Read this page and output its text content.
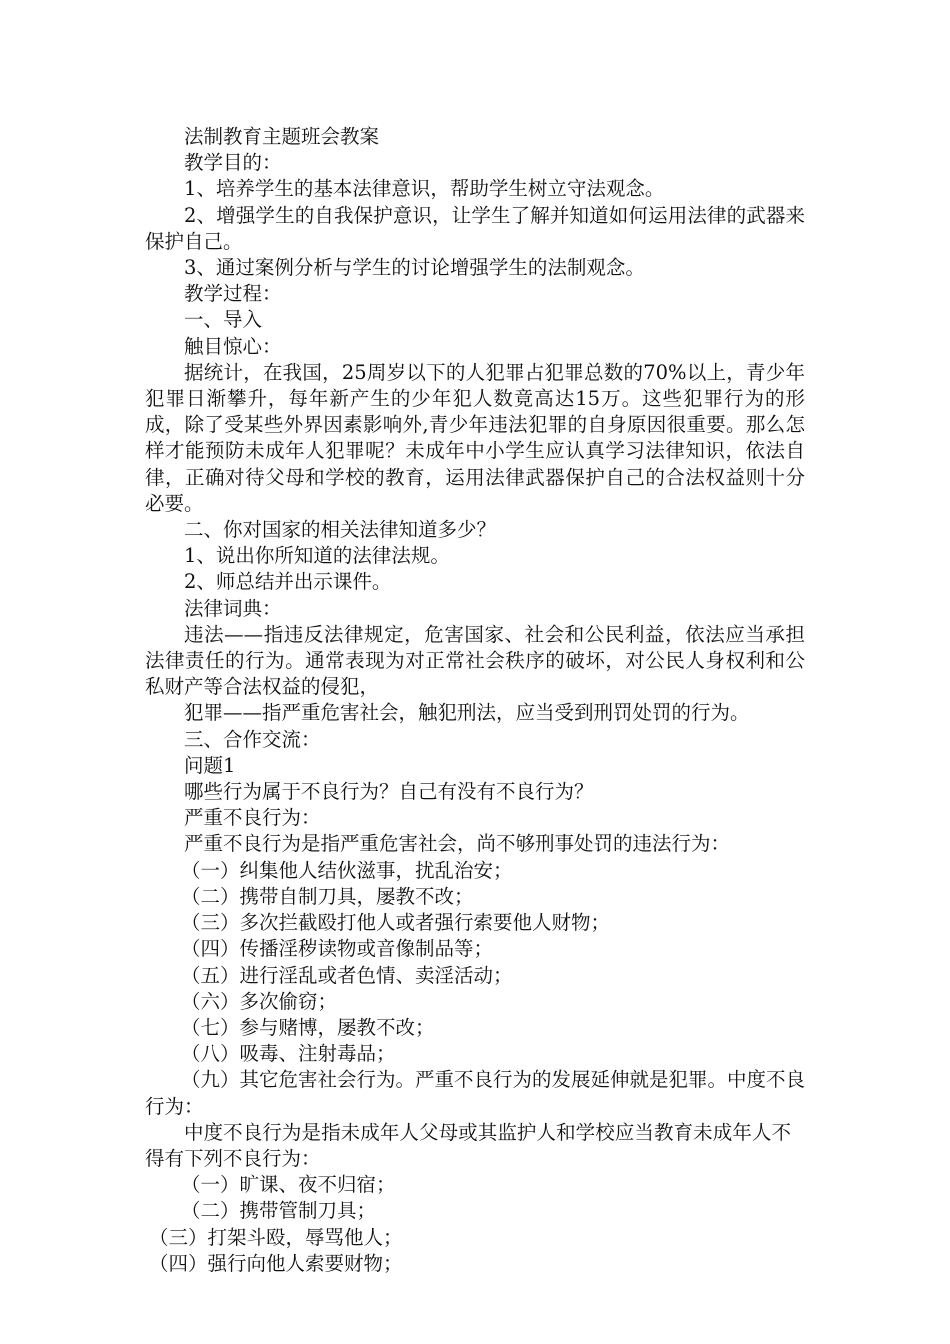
法制教育主题班会教案

教学目的：

1、培养学生的基本法律意识，帮助学生树立守法观念。

2、增强学生的自我保护意识，让学生了解并知道如何运用法律的武器来保护自己。

3、通过案例分析与学生的讨论增强学生的法制观念。

教学过程：

一、导入

触目惊心：

据统计，在我国，25周岁以下的人犯罪占犯罪总数的70%以上，青少年犯罪日渐攀升，每年新产生的少年犯人数竟高达15万。这些犯罪行为的形成，除了受某些外界因素影响外,青少年违法犯罪的自身原因很重要。那么怎样才能预防未成年人犯罪呢？未成年中小学生应认真学习法律知识，依法自律，正确对待父母和学校的教育，运用法律武器保护自己的合法权益则十分必要。

二、你对国家的相关法律知道多少？

1、说出你所知道的法律法规。

2、师总结并出示课件。

法律词典：

违法——指违反法律规定，危害国家、社会和公民利益，依法应当承担法律责任的行为。通常表现为对正常社会秩序的破坏，对公民人身权利和公私财产等合法权益的侵犯，

犯罪——指严重危害社会，触犯刑法，应当受到刑罚处罚的行为。

三、合作交流：

问题1

哪些行为属于不良行为？自己有没有不良行为？

严重不良行为：

严重不良行为是指严重危害社会，尚不够刑事处罚的违法行为：

（一）纠集他人结伙滋事，扰乱治安；

（二）携带自制刀具，屡教不改；

（三）多次拦截殴打他人或者强行索要他人财物；

（四）传播淫秽读物或音像制品等；

（五）进行淫乱或者色情、卖淫活动；

（六）多次偷窃；

（七）参与赌博，屡教不改；

（八）吸毒、注射毒品；

（九）其它危害社会行为。严重不良行为的发展延伸就是犯罪。中度不良行为：

中度不良行为是指未成年人父母或其监护人和学校应当教育未成年人不得有下列不良行为：

（一）旷课、夜不归宿；

（二）携带管制刀具；

（三）打架斗殴，辱骂他人；

（四）强行向他人索要财物；
